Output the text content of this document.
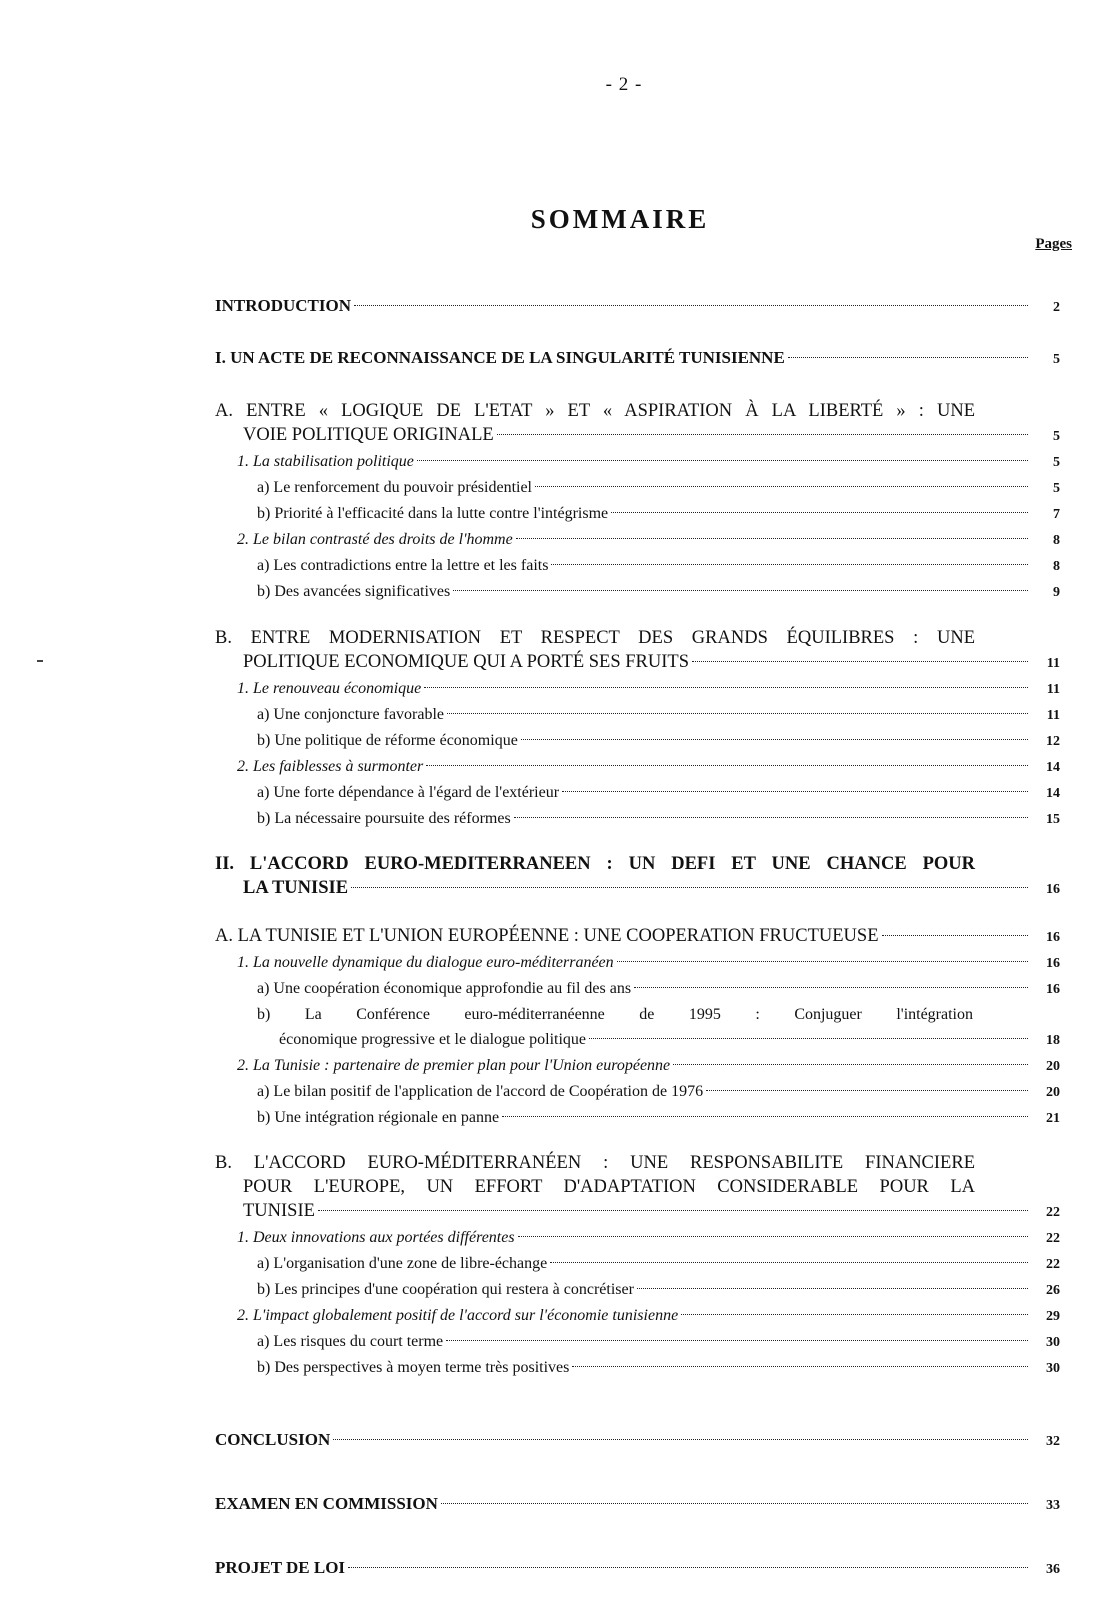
- 2 -
SOMMAIRE
Pages
INTRODUCTION	2
I. UN ACTE DE RECONNAISSANCE DE LA SINGULARITÉ TUNISIENNE	5
A. ENTRE « LOGIQUE DE L'ETAT » ET « ASPIRATION À LA LIBERTÉ » : UNE
VOIE POLITIQUE ORIGINALE	5
1. La stabilisation politique	5
a) Le renforcement du pouvoir présidentiel	5
b) Priorité à l'efficacité dans la lutte contre l'intégrisme	7
2. Le bilan contrasté des droits de l'homme	8
a) Les contradictions entre la lettre et les faits	8
b) Des avancées significatives	9
B. ENTRE MODERNISATION ET RESPECT DES GRANDS ÉQUILIBRES : UNE
POLITIQUE ECONOMIQUE QUI A PORTÉ SES FRUITS	11
1. Le renouveau économique	11
a) Une conjoncture favorable	11
b) Une politique de réforme économique	12
2. Les faiblesses à surmonter	14
a) Une forte dépendance à l'égard de l'extérieur	14
b) La nécessaire poursuite des réformes	15
II. L'ACCORD EURO-MEDITERRANEEN : UN DEFI ET UNE CHANCE POUR
LA TUNISIE	16
A. LA TUNISIE ET L'UNION EUROPÉENNE : UNE COOPERATION FRUCTUEUSE	16
1. La nouvelle dynamique du dialogue euro-méditerranéen	16
a) Une coopération économique approfondie au fil des ans	16
b) La Conférence euro-méditerranéenne de 1995 : Conjuguer l'intégration
économique progressive et le dialogue politique	18
2. La Tunisie : partenaire de premier plan pour l'Union européenne	20
a) Le bilan positif de l'application de l'accord de Coopération de 1976	20
b) Une intégration régionale en panne	21
B. L'ACCORD EURO-MÉDITERRANÉEN : UNE RESPONSABILITE FINANCIERE
POUR L'EUROPE, UN EFFORT D'ADAPTATION CONSIDERABLE POUR LA
TUNISIE	22
1. Deux innovations aux portées différentes	22
a) L'organisation d'une zone de libre-échange	22
b) Les principes d'une coopération qui restera à concrétiser	26
2. L'impact globalement positif de l'accord sur l'économie tunisienne	29
a) Les risques du court terme	30
b) Des perspectives à moyen terme très positives	30
CONCLUSION	32
EXAMEN EN COMMISSION	33
PROJET DE LOI	36
